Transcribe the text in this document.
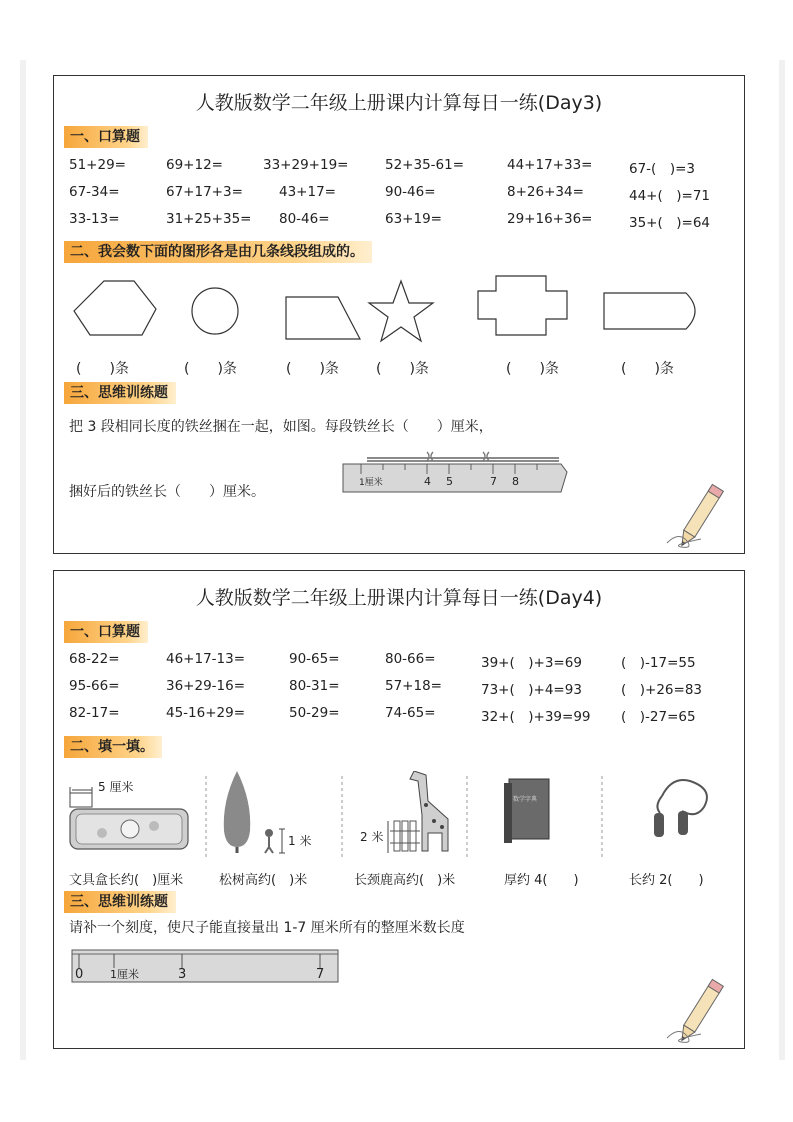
人教版数学二年级上册课内计算每日一练(Day3)
一、口算题
51+29=	69+12=	33+29+19=	52+35-61=	44+17+33=	67-(　)=3
67-34=	67+17+3=	43+17=	90-46=	8+26+34=	44+(　)=71
33-13=	31+25+35= 80-46=	63+19=	29+16+36=	35+(　)=64
二、我会数下面的图形各是由几条线段组成的。
(　　)条	(　　)条	(　　)条	(　　)条	(　　)条	(　　)条
三、思维训练题
把 3 段相同长度的铁丝捆在一起，如图。每段铁丝长（　　）厘米，
捆好后的铁丝长（　　）厘米。
1厘米	4 5	7 8
人教版数学二年级上册课内计算每日一练(Day4)
一、口算题
68-22=	46+17-13=	90-65=	80-66=	39+(　)+3=69	(　)-17=55
95-66=	36+29-16=	80-31=	57+18=	73+(　)+4=93	(　)+26=83
82-17=	45-16+29=	50-29=	74-65=	32+(　)+39=99 (　)-27=65
二、填一填。
5 厘米
1 米	2 米
数学字典
文具盒长约(　)厘米	松树高约(　)米	长颈鹿高约(　)米	厚约 4(　　)	长约 2(　　)
三、思维训练题
请补一个刻度，使尺子能直接量出 1-7 厘米所有的整厘米数长度
0 1厘米	3	7
